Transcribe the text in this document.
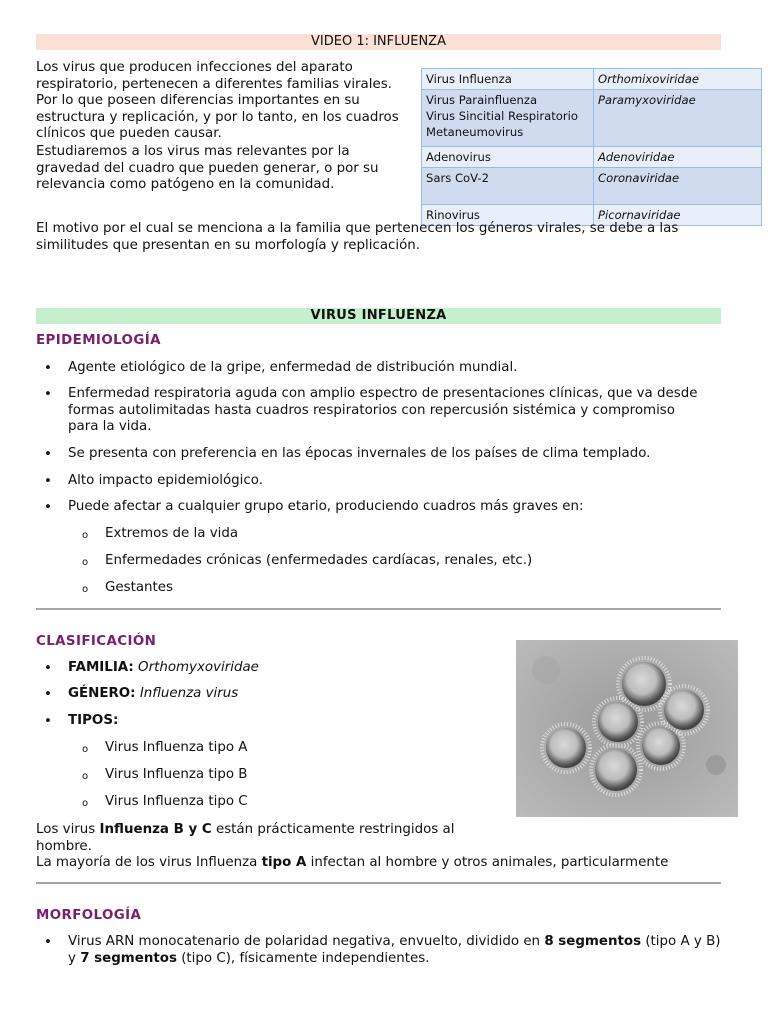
VIDEO 1: INFLUENZA
Los virus que producen infecciones del aparato respiratorio, pertenecen a diferentes familias virales. Por lo que poseen diferencias importantes en su estructura y replicación, y por lo tanto, en los cuadros clínicos que pueden causar.
Estudiaremos a los virus mas relevantes por la gravedad del cuadro que pueden generar, o por su relevancia como patógeno en la comunidad.
Virus Influenza	Orthomixoviridae

Virus Parainfluenza
Virus Sincitial Respiratorio
Metaneumovirus	Paramyxoviridae
Adenovirus	Adenoviridae
Sars CoV-2	Coronaviridae
Rinovirus	Picornaviridae
El motivo por el cual se menciona a la familia que pertenecen los géneros virales, se debe a las similitudes que presentan en su morfología y replicación.
VIRUS INFLUENZA
EPIDEMIOLOGÍA
• Agente etiológico de la gripe, enfermedad de distribución mundial.
• Enfermedad respiratoria aguda con amplio espectro de presentaciones clínicas, que va desde formas autolimitadas hasta cuadros respiratorios con repercusión sistémica y compromiso para la vida.
• Se presenta con preferencia en las épocas invernales de los países de clima templado.
• Alto impacto epidemiológico.
• Puede afectar a cualquier grupo etario, produciendo cuadros más graves en:
o Extremos de la vida
o Enfermedades crónicas (enfermedades cardíacas, renales, etc.)
o Gestantes
CLASIFICACIÓN
• FAMILIA: Orthomyxoviridae
• GÉNERO: Influenza virus
• TIPOS:
o Virus Influenza tipo A
o Virus Influenza tipo B
o Virus Influenza tipo C
Los virus Influenza B y C están prácticamente restringidos al hombre.
La mayoría de los virus Influenza tipo A infectan al hombre y otros animales, particularmente
MORFOLOGÍA
• Virus ARN monocatenario de polaridad negativa, envuelto, dividido en 8 segmentos (tipo A y B) y 7 segmentos (tipo C), físicamente independientes.
